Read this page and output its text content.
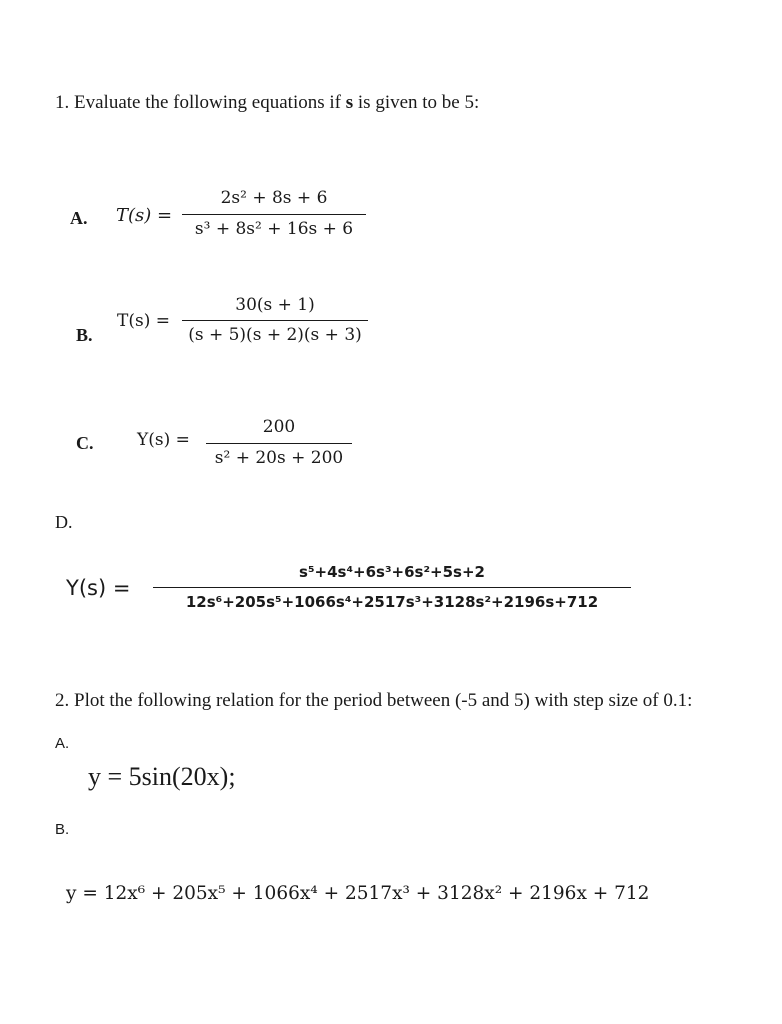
1. Evaluate the following equations if s is given to be 5:
A. T(s) =
2s² + 8s + 6
s³ + 8s² + 16s + 6
B.
T(s) =
30(s + 1)
(s + 5)(s + 2)(s + 3)
C.	Y(s) =
200
s² + 20s + 200
D.
Y(s) =
s⁵+4s⁴+6s³+6s²+5s+2
12s⁶+205s⁵+1066s⁴+2517s³+3128s²+2196s+712
2. Plot the following relation for the period between (-5 and 5) with step size of 0.1:
A.
y = 5sin(20x);
B.
y = 12x⁶ + 205x⁵ + 1066x⁴ + 2517x³ + 3128x² + 2196x + 712
